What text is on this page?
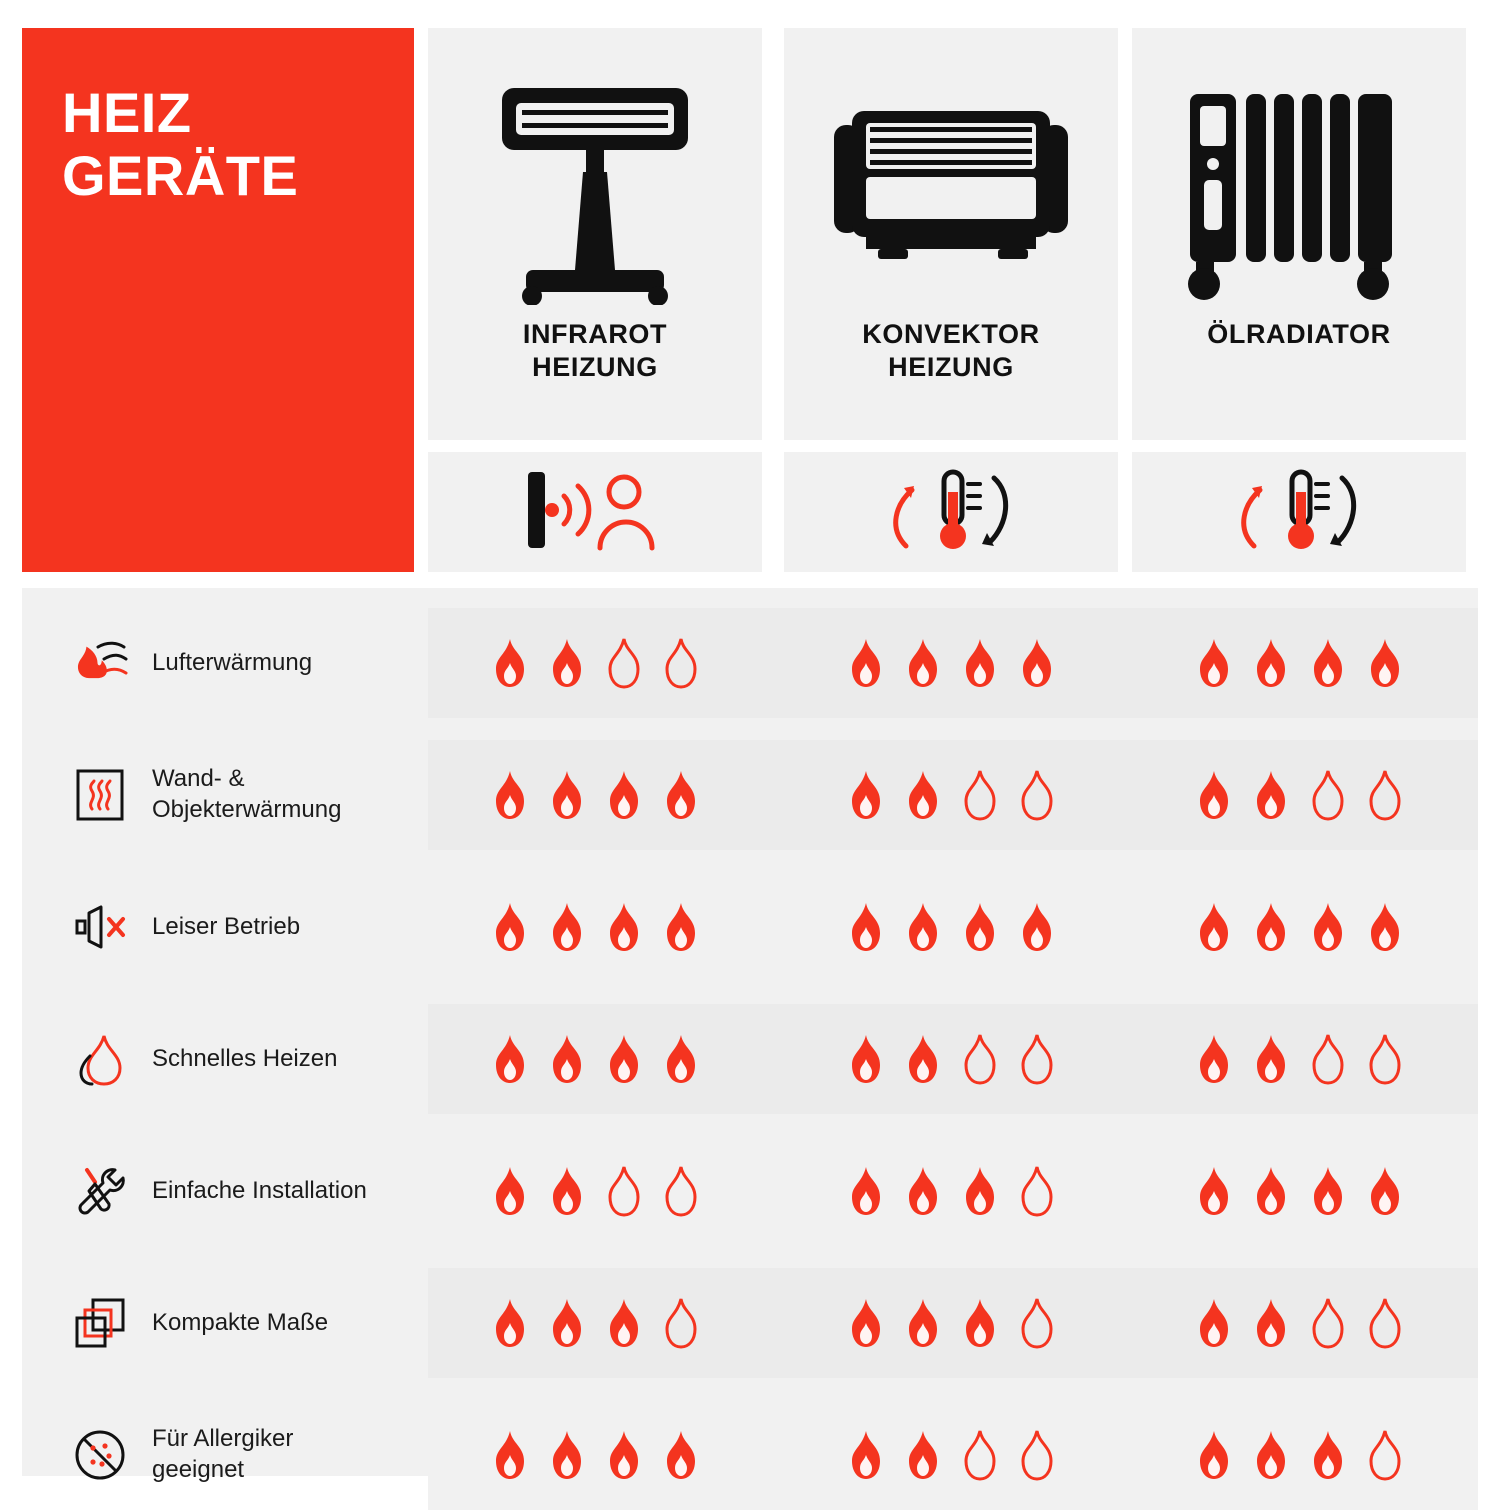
HEIZ
GERÄTE
INFRAROT
HEIZUNG
KONVEKTOR
HEIZUNG
ÖLRADIATOR
Lufterwärmung
Wand- &
Objekterwärmung
Leiser Betrieb
Schnelles Heizen
Einfache Installation
Kompakte Maße
Für Allergiker
geeignet
